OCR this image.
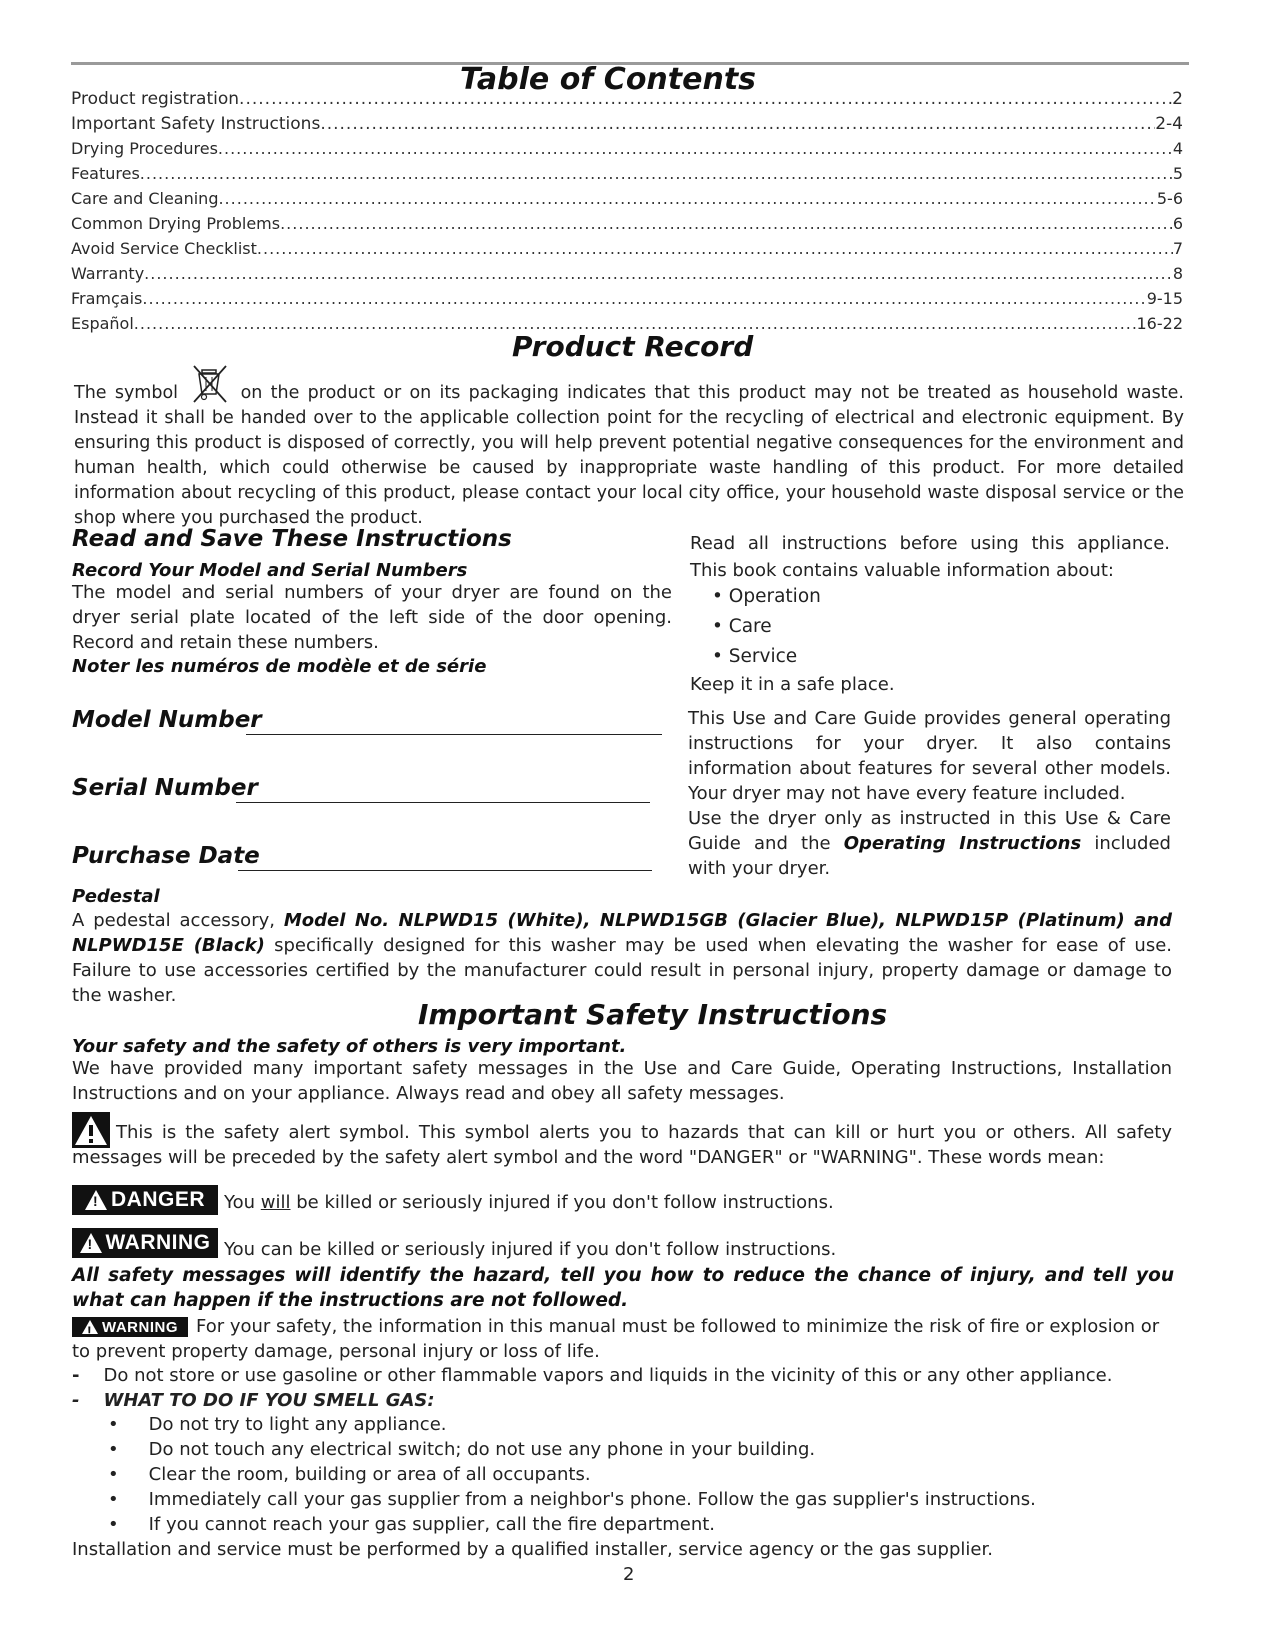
Table of Contents
Product registration .....	2
Important Safety Instructions .....	2-4
Drying Procedures .....	4
Features .....	5
Care and Cleaning .....	5-6
Common Drying Problems .....	6
Avoid Service Checklist .....	7
Warranty .....	8
Framçais .....	9-15
Español .....	16-22
Product Record
The symbol	on the product or on its packaging indicates that this product may not be treated as household waste. Instead it shall be handed over to the applicable collection point for the recycling of electrical and electronic equipment. By ensuring this product is disposed of correctly, you will help prevent potential negative consequences for the environment and human health, which could otherwise be caused by inappropriate waste handling of this product. For more detailed information about recycling of this product, please contact your local city office, your household waste disposal service or the shop where you purchased the product.
Read and Save These Instructions
Record Your Model and Serial Numbers
The model and serial numbers of your dryer are found on the dryer serial plate located of the left side of the door opening. Record and retain these numbers.
Noter les numéros de modèle et de série
Model Number
Serial Number
Purchase Date
Read all instructions before using this appliance. This book contains valuable information about:
• Operation
• Care
• Service
Keep it in a safe place.
This Use and Care Guide provides general operating instructions for your dryer. It also contains information about features for several other models. Your dryer may not have every feature included.
Use the dryer only as instructed in this Use & Care Guide and the Operating Instructions included with your dryer.
Pedestal
A pedestal accessory, Model No. NLPWD15 (White), NLPWD15GB (Glacier Blue), NLPWD15P (Platinum) and NLPWD15E (Black) specifically designed for this washer may be used when elevating the washer for ease of use. Failure to use accessories certified by the manufacturer could result in personal injury, property damage or damage to the washer.
Important Safety Instructions
Your safety and the safety of others is very important.
We have provided many important safety messages in the Use and Care Guide, Operating Instructions, Installation Instructions and on your appliance. Always read and obey all safety messages.
This is the safety alert symbol. This symbol alerts you to hazards that can kill or hurt you or others. All safety messages will be preceded by the safety alert symbol and the word "DANGER" or "WARNING". These words mean:
!
DANGER You will be killed or seriously injured if you don't follow instructions.
!
WARNING You can be killed or seriously injured if you don't follow instructions.
All safety messages will identify the hazard, tell you how to reduce the chance of injury, and tell you what can happen if the instructions are not followed.
!
WARNING	For your safety, the information in this manual must be followed to minimize the risk of fire or explosion or to prevent property damage, personal injury or loss of life.
- Do not store or use gasoline or other flammable vapors and liquids in the vicinity of this or any other appliance.
- WHAT TO DO IF YOU SMELL GAS:
• Do not try to light any appliance.
• Do not touch any electrical switch; do not use any phone in your building.
• Clear the room, building or area of all occupants.
• Immediately call your gas supplier from a neighbor's phone. Follow the gas supplier's instructions.
• If you cannot reach your gas supplier, call the fire department.
Installation and service must be performed by a qualified installer, service agency or the gas supplier.
2
